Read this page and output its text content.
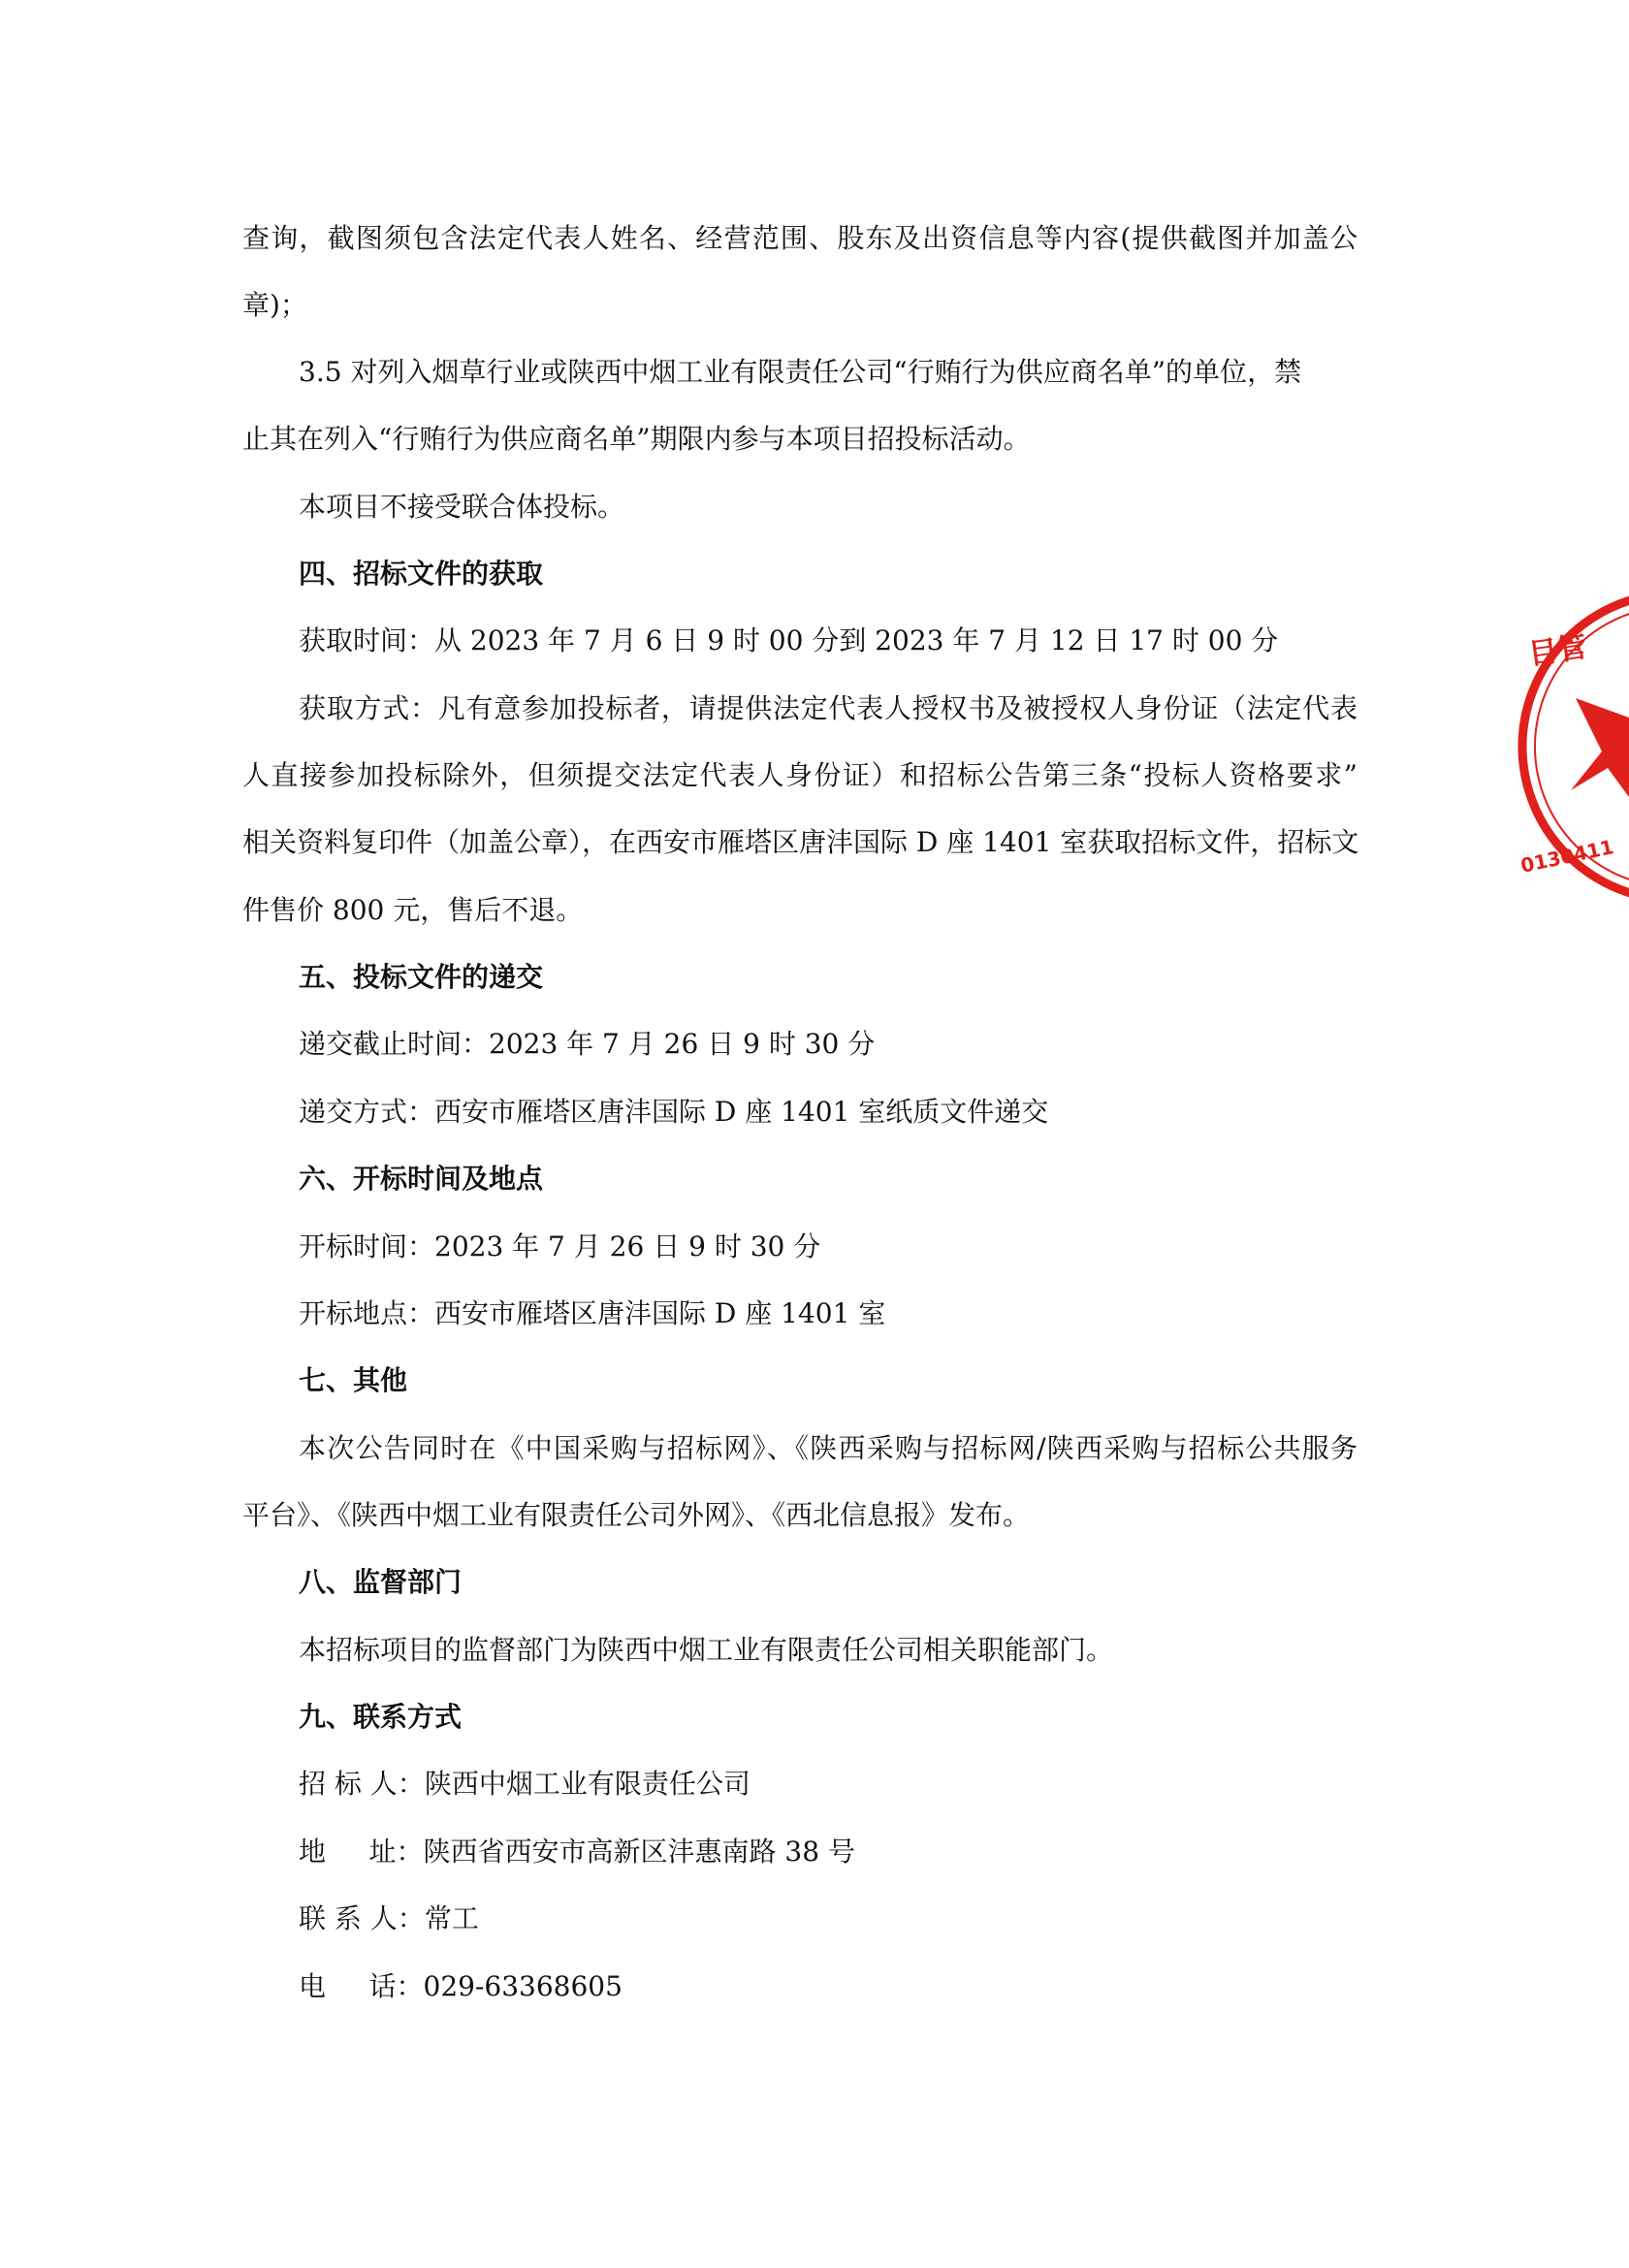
查询，截图须包含法定代表人姓名、经营范围、股东及出资信息等内容(提供截图并加盖公
章)；
3.5 对列入烟草行业或陕西中烟工业有限责任公司“行贿行为供应商名单”的单位，禁
止其在列入“行贿行为供应商名单”期限内参与本项目招投标活动。
本项目不接受联合体投标。
四、招标文件的获取
获取时间：从 2023 年 7 月 6 日 9 时 00 分到 2023 年 7 月 12 日 17 时 00 分
获取方式：凡有意参加投标者，请提供法定代表人授权书及被授权人身份证（法定代表
人直接参加投标除外，但须提交法定代表人身份证）和招标公告第三条“投标人资格要求”
相关资料复印件（加盖公章），在西安市雁塔区唐沣国际 D 座 1401 室获取招标文件，招标文
件售价 800 元，售后不退。
五、投标文件的递交
递交截止时间：2023 年 7 月 26 日 9 时 30 分
递交方式：西安市雁塔区唐沣国际 D 座 1401 室纸质文件递交
六、开标时间及地点
开标时间：2023 年 7 月 26 日 9 时 30 分
开标地点：西安市雁塔区唐沣国际 D 座 1401 室
七、其他
本次公告同时在《中国采购与招标网》、《陕西采购与招标网/陕西采购与招标公共服务
平台》、《陕西中烟工业有限责任公司外网》、《西北信息报》发布。
八、监督部门
本招标项目的监督部门为陕西中烟工业有限责任公司相关职能部门。
九、联系方式
招 标 人：陕西中烟工业有限责任公司
地     址：陕西省西安市高新区沣惠南路 38 号
联 系 人：常工
电     话：029-63368605
目管
0130411
